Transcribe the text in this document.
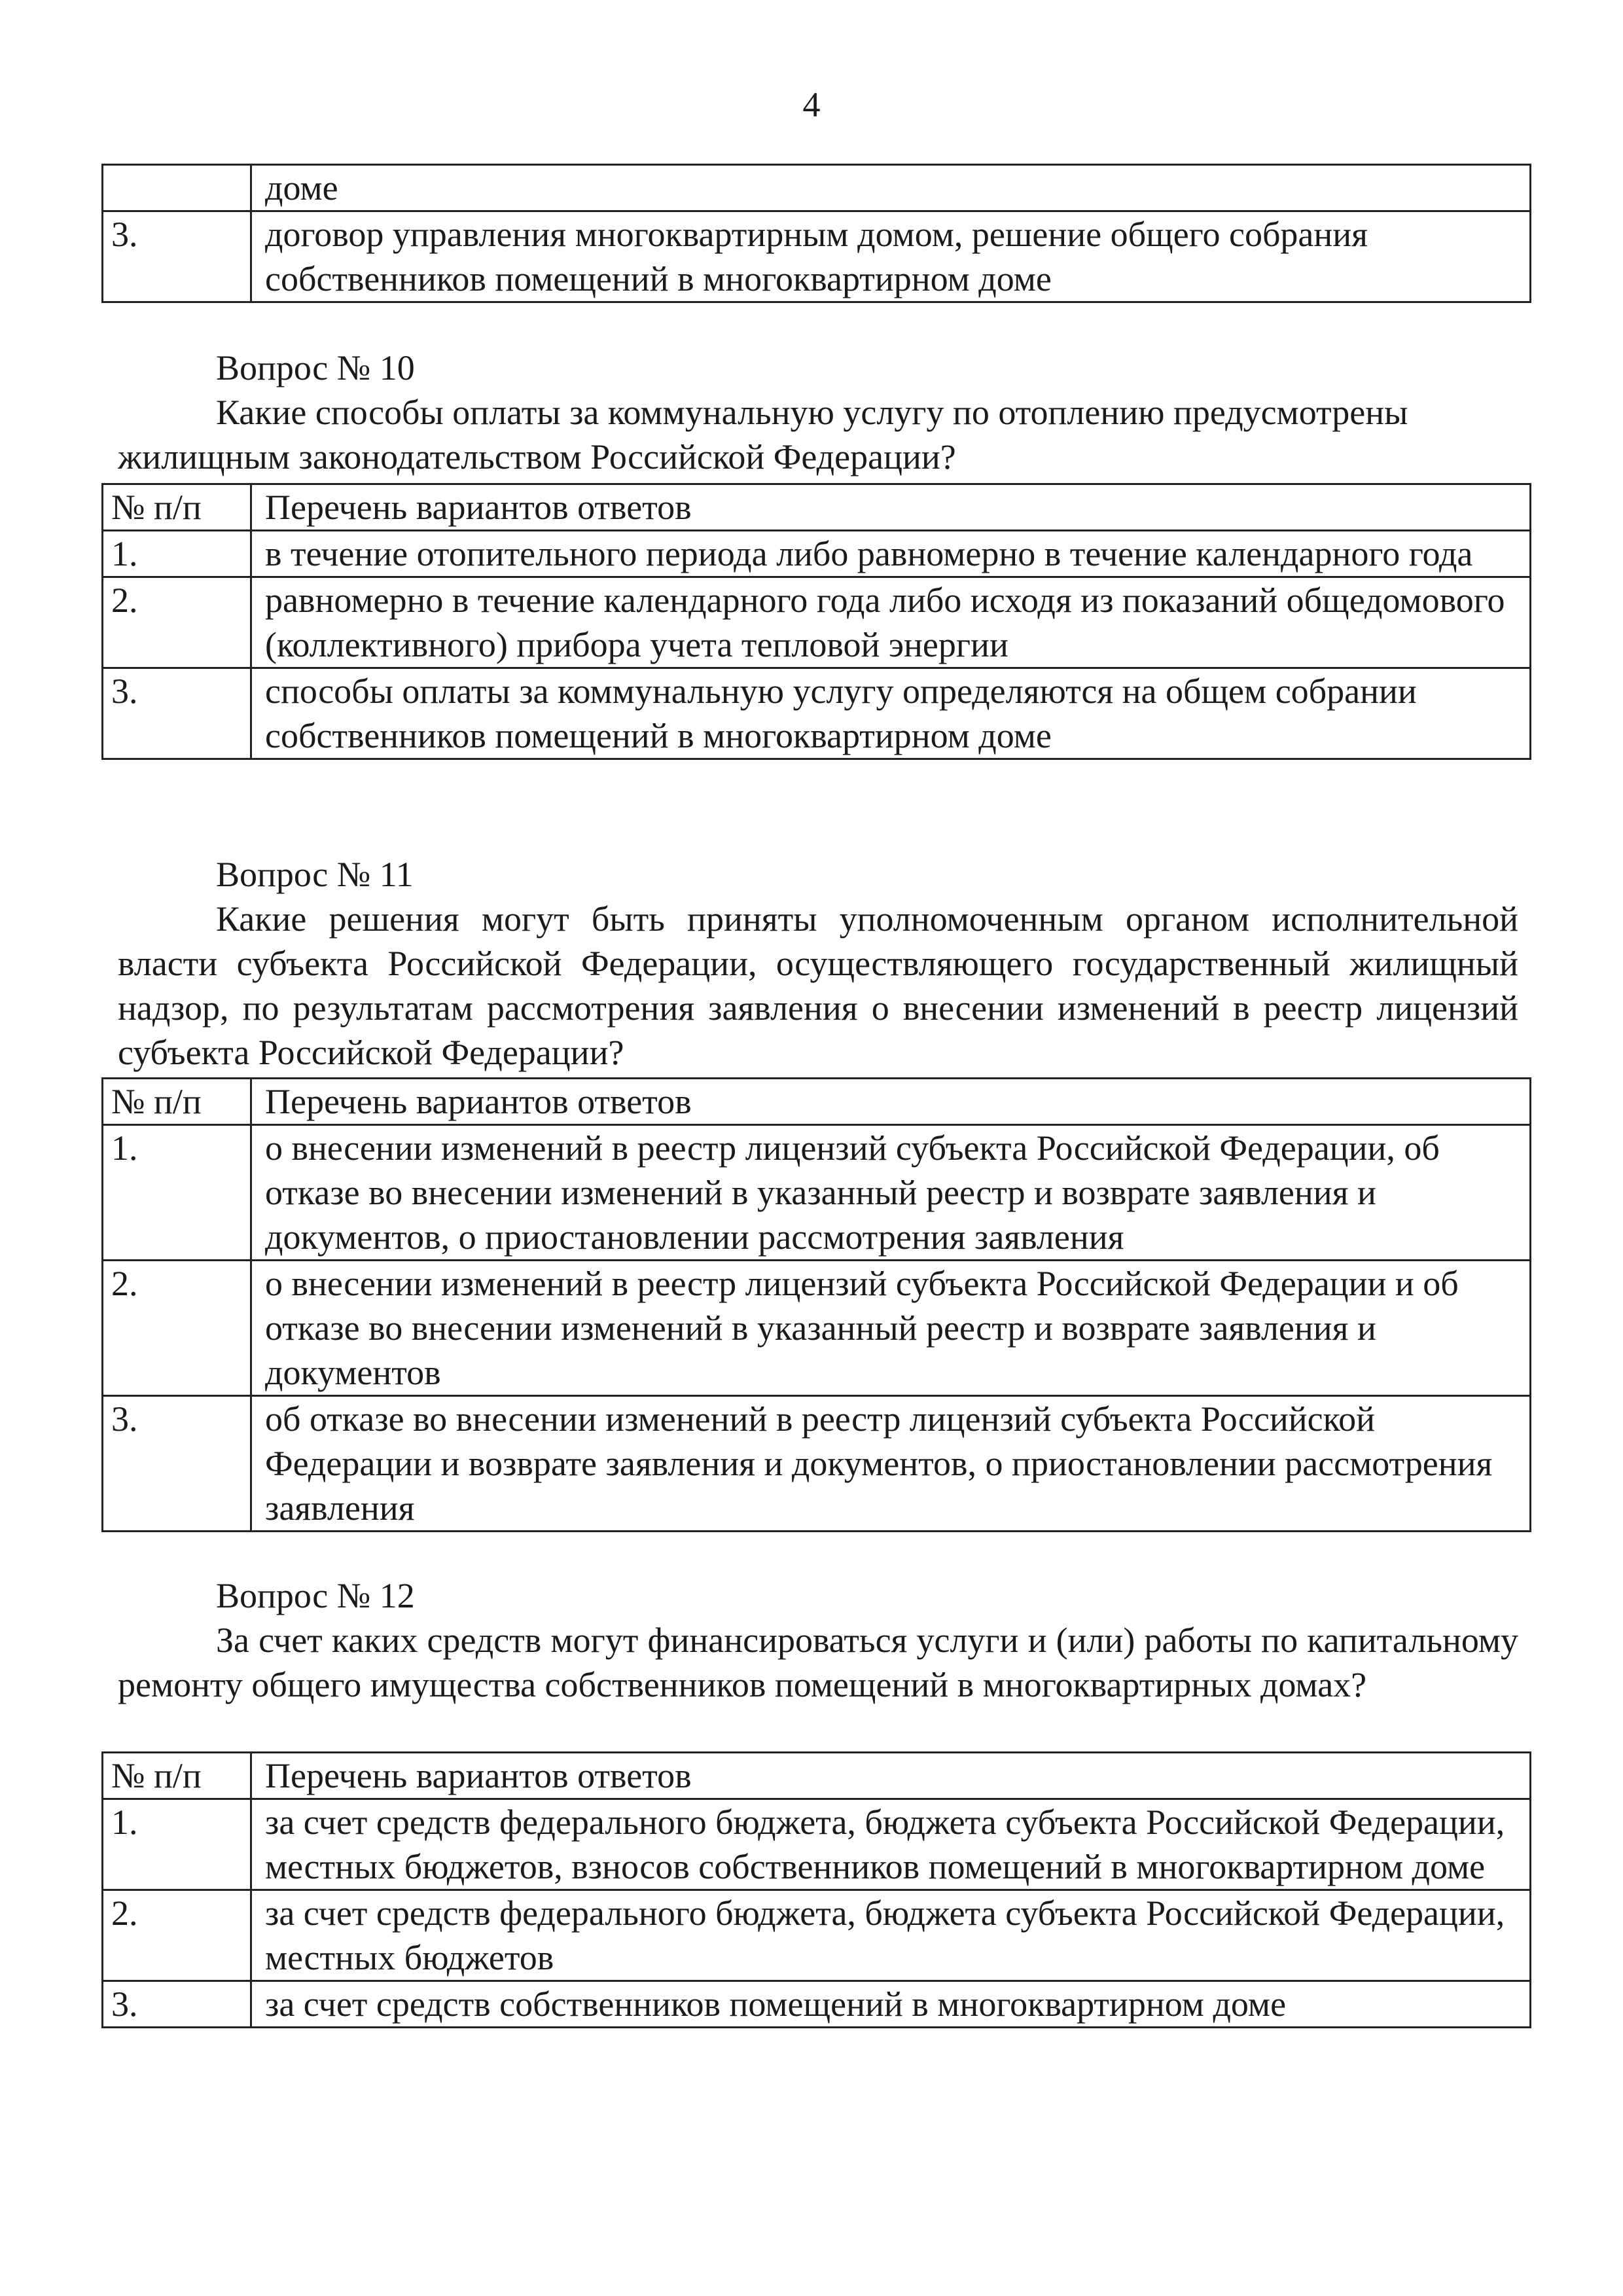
4
	доме
3.	договор управления многоквартирным домом, решение общего собрания собственников помещений в многоквартирном доме
Вопрос № 10
Какие способы оплаты за коммунальную услугу по отоплению предусмотрены жилищным законодательством Российской Федерации?
№ п/п	Перечень вариантов ответов
1.	в течение отопительного периода либо равномерно в течение календарного года
2.	равномерно в течение календарного года либо исходя из показаний общедомового (коллективного) прибора учета тепловой энергии
3.	способы оплаты за коммунальную услугу определяются на общем собрании собственников помещений в многоквартирном доме
Вопрос № 11
Какие решения могут быть приняты уполномоченным органом исполнительной власти субъекта Российской Федерации, осуществляющего государственный жилищный надзор, по результатам рассмотрения заявления о внесении изменений в реестр лицензий субъекта Российской Федерации?
№ п/п	Перечень вариантов ответов
1.	о внесении изменений в реестр лицензий субъекта Российской Федерации, об отказе во внесении изменений в указанный реестр и возврате заявления и документов, о приостановлении рассмотрения заявления
2.	о внесении изменений в реестр лицензий субъекта Российской Федерации и об отказе во внесении изменений в указанный реестр и возврате заявления и документов
3.	об отказе во внесении изменений в реестр лицензий субъекта Российской Федерации и возврате заявления и документов, о приостановлении рассмотрения заявления
Вопрос № 12
За счет каких средств могут финансироваться услуги и (или) работы по капитальному ремонту общего имущества собственников помещений в многоквартирных домах?
№ п/п	Перечень вариантов ответов
1.	за счет средств федерального бюджета, бюджета субъекта Российской Федерации, местных бюджетов, взносов собственников помещений в многоквартирном доме
2.	за счет средств федерального бюджета, бюджета субъекта Российской Федерации, местных бюджетов
3.	за счет средств собственников помещений в многоквартирном доме
